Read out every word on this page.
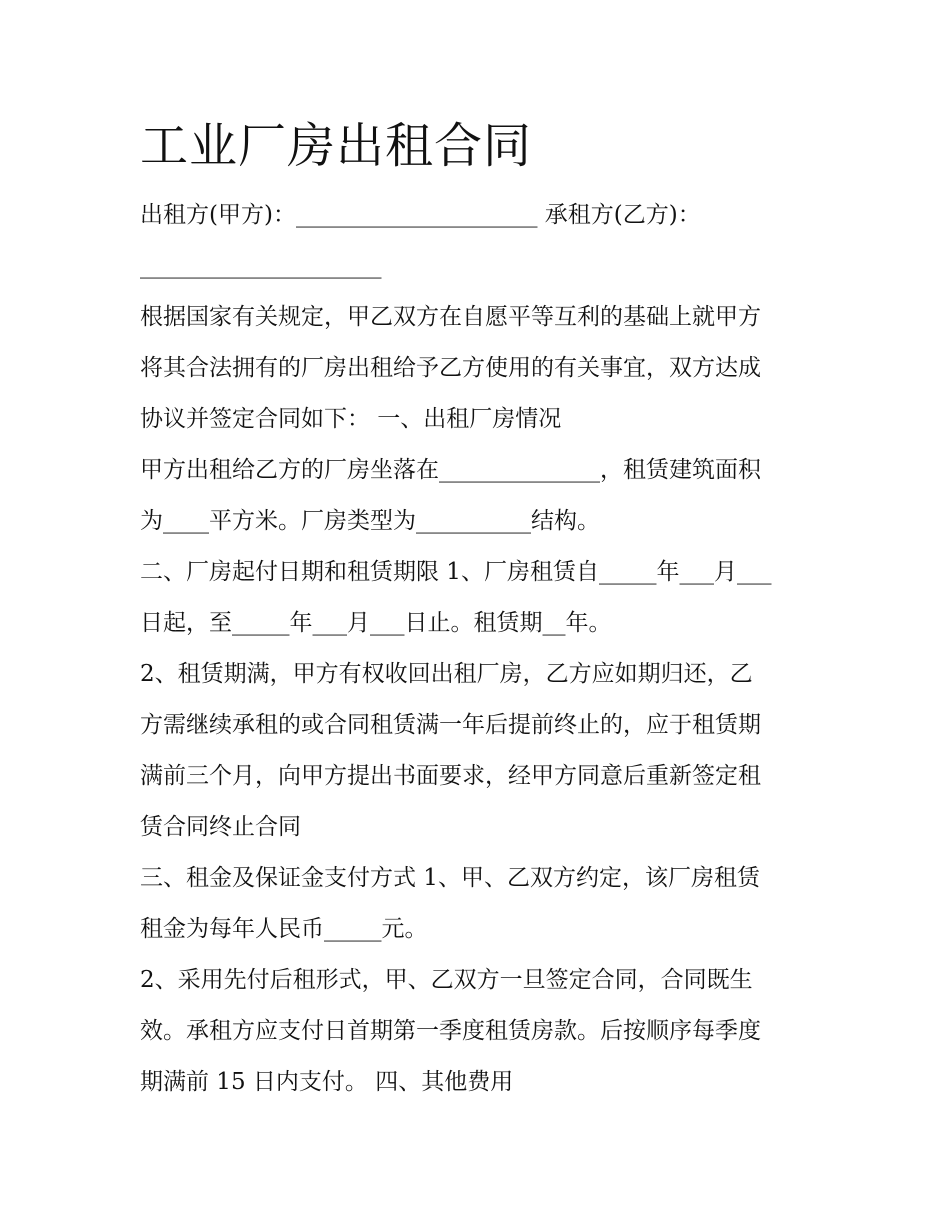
工业厂房出租合同
出租方(甲方)：_____________________ 承租方(乙方)：
_____________________
根据国家有关规定，甲乙双方在自愿平等互利的基础上就甲方
将其合法拥有的厂房出租给予乙方使用的有关事宜，双方达成
协议并签定合同如下： 一、出租厂房情况
甲方出租给乙方的厂房坐落在______________，租赁建筑面积
为____平方米。厂房类型为__________结构。
二、厂房起付日期和租赁期限 1、厂房租赁自_____年___月___
日起，至_____年___月___日止。租赁期__年。
2、租赁期满，甲方有权收回出租厂房，乙方应如期归还，乙
方需继续承租的或合同租赁满一年后提前终止的，应于租赁期
满前三个月，向甲方提出书面要求，经甲方同意后重新签定租
赁合同终止合同
三、租金及保证金支付方式 1、甲、乙双方约定，该厂房租赁
租金为每年人民币_____元。
2、采用先付后租形式，甲、乙双方一旦签定合同，合同既生
效。承租方应支付日首期第一季度租赁房款。后按顺序每季度
期满前 15 日内支付。 四、其他费用
